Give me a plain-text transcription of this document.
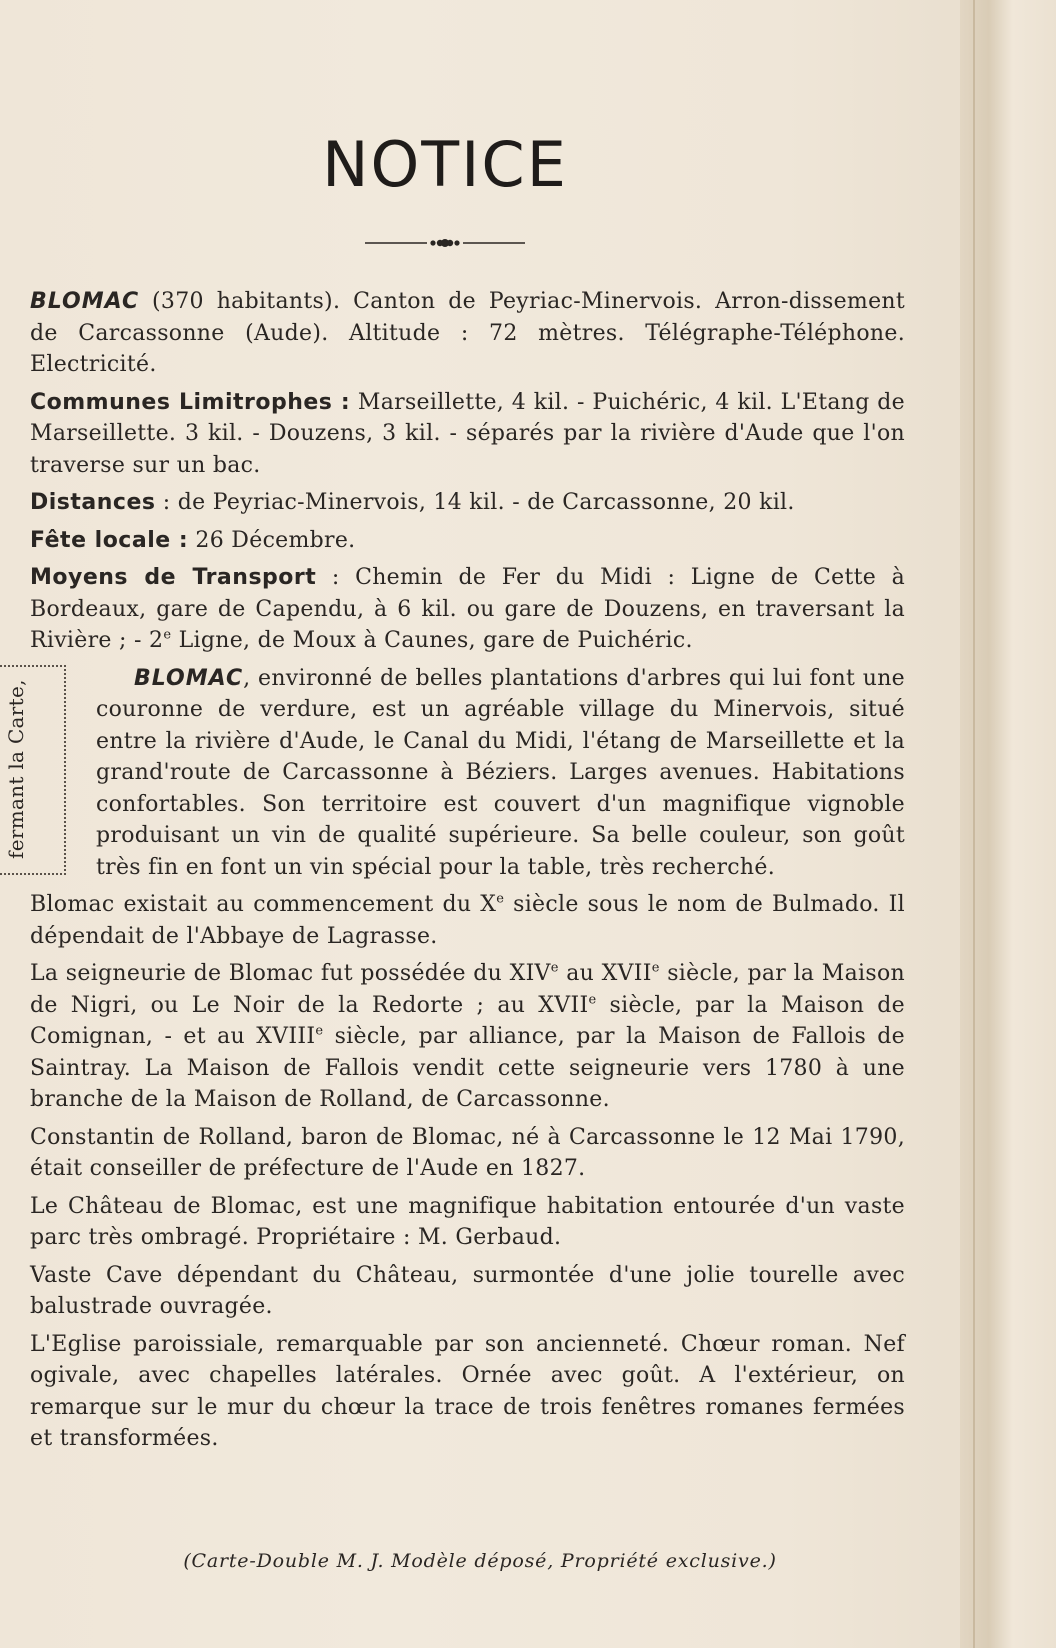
NOTICE

BLOMAC (370 habitants). Canton de Peyriac-Minervois. Arron-dissement de Carcassonne (Aude). Altitude : 72 mètres. Télégraphe-Téléphone. Electricité.

Communes Limitrophes : Marseillette, 4 kil. - Puichéric, 4 kil. L'Etang de Marseillette. 3 kil. - Douzens, 3 kil. - séparés par la rivière d'Aude que l'on traverse sur un bac.

Distances : de Peyriac-Minervois, 14 kil. - de Carcassonne, 20 kil.

Fête locale : 26 Décembre.

Moyens de Transport : Chemin de Fer du Midi : Ligne de Cette à Bordeaux, gare de Capendu, à 6 kil. ou gare de Douzens, en traversant la Rivière ; - 2e Ligne, de Moux à Caunes, gare de Puichéric.

fermant la Carte,

BLOMAC, environné de belles plantations d'arbres qui lui font une couronne de verdure, est un agréable village du Minervois, situé entre la rivière d'Aude, le Canal du Midi, l'étang de Marseillette et la grand'route de Carcassonne à Béziers. Larges avenues. Habitations confortables. Son territoire est couvert d'un magnifique vignoble produisant un vin de qualité supérieure. Sa belle couleur, son goût très fin en font un vin spécial pour la table, très recherché.

Blomac existait au commencement du Xe siècle sous le nom de Bulmado. Il dépendait de l'Abbaye de Lagrasse.

La seigneurie de Blomac fut possédée du XIVe au XVIIe siècle, par la Maison de Nigri, ou Le Noir de la Redorte ; au XVIIe siècle, par la Maison de Comignan, - et au XVIIIe siècle, par alliance, par la Maison de Fallois de Saintray. La Maison de Fallois vendit cette seigneurie vers 1780 à une branche de la Maison de Rolland, de Carcassonne.

Constantin de Rolland, baron de Blomac, né à Carcassonne le 12 Mai 1790, était conseiller de préfecture de l'Aude en 1827.

Le Château de Blomac, est une magnifique habitation entourée d'un vaste parc très ombragé. Propriétaire : M. Gerbaud.

Vaste Cave dépendant du Château, surmontée d'une jolie tourelle avec balustrade ouvragée.

L'Eglise paroissiale, remarquable par son ancienneté. Chœur roman. Nef ogivale, avec chapelles latérales. Ornée avec goût. A l'extérieur, on remarque sur le mur du chœur la trace de trois fenêtres romanes fermées et transformées.

(Carte-Double M. J. Modèle déposé, Propriété exclusive.)
